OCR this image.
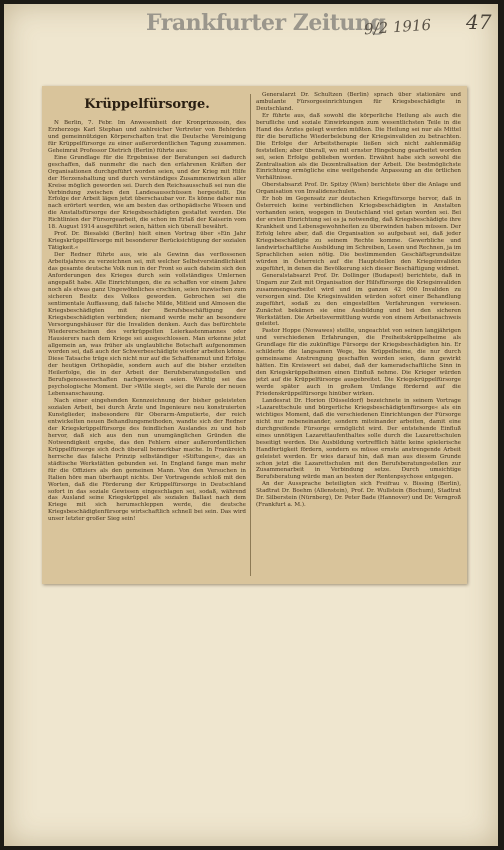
Frankfurter Zeitung
9/2 1916 47
Krüppelfürsorge.
N Berlin, 7. Febr. Im Anwesenheit der Kronprinzessin, des Erzherzogs Karl Stephan und zahlreicher Vertreter von Behörden und gemeinnützigen Körperschaften trat die Deutsche Vereinigung für Krüppelfürsorge zu einer außerordentlichen Tagung zusammen. Geheimrat Professor Dietrich (Berlin) führte aus:
Eine Grundlage für die Ergebnisse der Beratungen sei dadurch geschaffen, daß nunmehr die nach den erfahrenen Kräften der Organisationen durchgeführt worden seien, und der Krieg mit Hilfe der Herzenshaltung und durch verständiges Zusammenwirken aller Kreise möglich geworden sei. Durch den Reichsausschuß sei nun die Verbindung zwischen den Landesausschüssen hergestellt. Die Erfolge der Arbeit lägen jetzt überschaubar vor. Es könne daher nun nach erörtert werden, wie am besten das orthopädische Wissen und die Anstaltsfürsorge der Kriegsbeschädigten gestaltet werden. Die Richtlinien der Fürsorgearbeit, die schon im Erlaß der Kaiserin vom 18. August 1914 ausgeführt seien, hätten sich überall bewährt.
Prof. Dr. Biesalski (Berlin) hielt einen Vortrag über »Ein Jahr Kriegskrüppelfürsorge mit besonderer Berücksichtigung der sozialen Tätigkeit.«
Der Redner führte aus, wie als Gewinn das verflossenen Arbeitsjahres zu verzeichnen sei, mit welcher Selbstverständlichkeit das gesamte deutsche Volk nun in der Front so auch daheim sich den Anforderungen des Krieges durch sein vollständiges Umlernen angepaßt habe. Alle Einrichtungen, die zu schaffen vor einem Jahre noch als etwas ganz Ungewöhnliches erschien, seien inzwischen zum sicheren Besitz des Volkes geworden. Gebrochen sei die sentimentale Auffassung, daß falsche Milde, Mitleid und Almosen die Kriegsbeschädigten mit der Berufsbeschäftigung der Kriegsbeschädigten verbinden; niemand werde mehr an besondere Versorgungshäuser für die Invaliden denken. Auch das befürchtete Wiedererscheinen des verkrüppelten Leierkastenmannes oder Hausierers nach dem Kriege sei ausgeschlossen. Man erkenne jetzt allgemein an, was früher als unglaubliche Botschaft aufgenommen worden sei, daß auch der Schwerbeschädigte wieder arbeiten könne. Diese Tatsache trüge sich nicht nur auf die Schaffensmut und Erfolge der heutigen Orthopädie, sondern auch auf die bisher erzielten Heilerfolge, die in der Arbeit der Berufsberatungsstellen und Berufsgenossenschaften nachgewiesen seien. Wichtig sei das psychologische Moment. Der »Wille siegt«, sei die Parole der neuen Lebensanschauung.
Nach einer eingehenden Kennzeichnung der bisher geleisteten sozialen Arbeit, bei durch Ärzte und Ingenieure neu konstruierten Kunstglieder, insbesondere für Oberarm-Amputierte, der reich entwickelten neuen Behandlungsmethoden, wandte sich der Redner der Kriegskrüppelfürsorge des feindlichen Auslandes zu und hob hervor, daß sich aus den nun unumgänglichen Gründen die Notwendigkeit ergebe, das den Fehlern einer außerordentlichen Krüppelfürsorge sich doch überall bemerkbar mache. In Frankreich herrsche das falsche Prinzip selbständiger »Stiftungen«, das an städtische Werkstätten gebunden sei. In England fange man mehr für die Offiziers als den gemeinen Mann. Von den Versuchen in Italien höre man überhaupt nichts. Der Vortragende schloß mit den Worten, daß die Förderung der Krüppelfürsorge in Deutschland sofort in das soziale Gewissen eingeschlagen sei, sodaß, während das Ausland seine Kriegskrüppel als sozialen Ballast nach dem Kriege mit sich herumschleppen werde, die deutsche Kriegsbeschädigtenfürsorge wirtschaftlich schnell bei sein. Das wird unser letzter großer Sieg sein!
Generalarzt Dr. Schultzen (Berlin) sprach über stationäre und ambulante Fürsorgeeinrichtungen für Kriegsbeschädigte in Deutschland.
Er führte aus, daß sowohl die körperliche Heilung als auch die berufliche und soziale Einwirkungen zum wesentlichsten Teile in die Hand des Arztes gelegt werden müßten. Die Heilung sei nur als Mittel für die berufliche Wiederbelebung der Kriegsinvaliden zu betrachten. Die Erfolge der Arbeitstherapie ließen sich nicht zahlenmäßig feststellen; aber überall, wo mit ernster Hingebung gearbeitet worden sei, seien Erfolge geblieben worden. Erwähnt habe sich sowohl die Zentralisation als die Dezentralisation der Arbeit. Die bestmöglichste Einrichtung ermögliche eine weitgehende Anpassung an die örtlichen Verhältnisse.
Oberstabsarzt Prof. Dr. Spitzy (Wien) berichtete über die Anlage und Organisation von Invalidenschulen.
Er hob im Gegensatz zur deutschen Kriegsfürsorge hervor, daß in Österreich keine verbindlichen Kriegsbeschädigten in Anstalten vorhanden seien, wogegen in Deutschland viel getan worden sei. Bei der ersten Einrichtung sei es ja notwendig, daß Kriegsbeschädigte ihre Krankheit und Lebensgewohnheiten zu überwinden haben müssen. Der Erfolg lehre aber, daß die Organisation so aufgebaut sei, daß jeder Kriegsbeschädigte zu seinem Rechte komme. Gewerbliche und landwirtschaftliche Ausbildung im Schreiben, Lesen und Rechnen, ja im Sprachlichen seien nötig. Die bestimmenden Geschäftsgrundsätze würden in Österreich auf die Hauptstellen den Kriegsinvaliden zugeführt, in denen die Bevölkerung sich dieser Beschäftigung widmet.
Generalstabsarzt Prof. Dr. Dollinger (Budapest) berichtete, daß in Ungarn zur Zeit mit Organisation der Hilfsfürsorge die Kriegsinvaliden zusammengearbeitet wird und im ganzen 42 000 Invaliden zu versorgen sind. Die Kriegsinvaliden würden sofort einer Behandlung zugeführt, sodaß zu den eingestellten Verfahrungen verwiesen. Zunächst bekämen sie eine Ausbildung und bei den sicheren Werkstätten. Die Arbeitsvermittlung wurde von einem Arbeitsnachweis geleitet.
Pastor Hoppe (Nowawes) stellte, ungeachtet von seinen langjährigen und verschiedenen Erfahrungen, die Freiheitskrüppelheime als Grundlage für die zukünftige Fürsorge der Kriegsbeschädigten hin. Er schilderte die langsamen Wege, bis Krüppelheime, die nur durch gemeinsame Anstrengung geschaffen worden seien, dann gewirkt hätten. Ein Kreiswert sei dabei, daß der kameradschaftliche Sinn in den Kriegskrüppelheimen einen Einfluß nehme. Die Krieger würden jetzt auf die Krüppelfürsorge ausgebreitet. Die Kriegskrüppelfürsorge werde später auch in großem Umfange fördernd auf die Friedenskrüppelfürsorge hinüber wirken.
Landesrat Dr. Horion (Düsseldorf) bezeichnete in seinem Vortrage »Lazarettschule und bürgerliche Kriegsbeschädigtenfürsorge« als ein wichtiges Moment, daß die verschiedenen Einrichtungen der Fürsorge nicht nur nebeneinander, sondern miteinander arbeiten, damit eine durchgreifende Fürsorge ermöglicht wird. Der entstehende Einfluß eines unnötigen Lazarettaufenthaltes solle durch die Lazarettschulen beseitigt werden. Die Ausbildung vortrefflich hätte keine spielerische Handfertigkeit fördern, sondern es müsse ernste anstrengende Arbeit geleistet werden. Er wies darauf hin, daß man aus diesem Grunde schon jetzt die Lazarettschulen mit den Berufsberatungsstellen zur Zusammenarbeit in Verbindung setze. Durch umsichtige Berufsberatung würde man an besten der Rentenpsychose entgegen.
An der Aussprache beteiligten sich Freifrau v. Bissing (Berlin), Stadtrat Dr. Boehm (Allenstein), Prof. Dr. Wullstein (Bochum), Stadtrat Dr. Silberstein (Nürnberg), Dr. Peter Bade (Hannover) und Dr. Verngroß (Frankfurt a. M.).
